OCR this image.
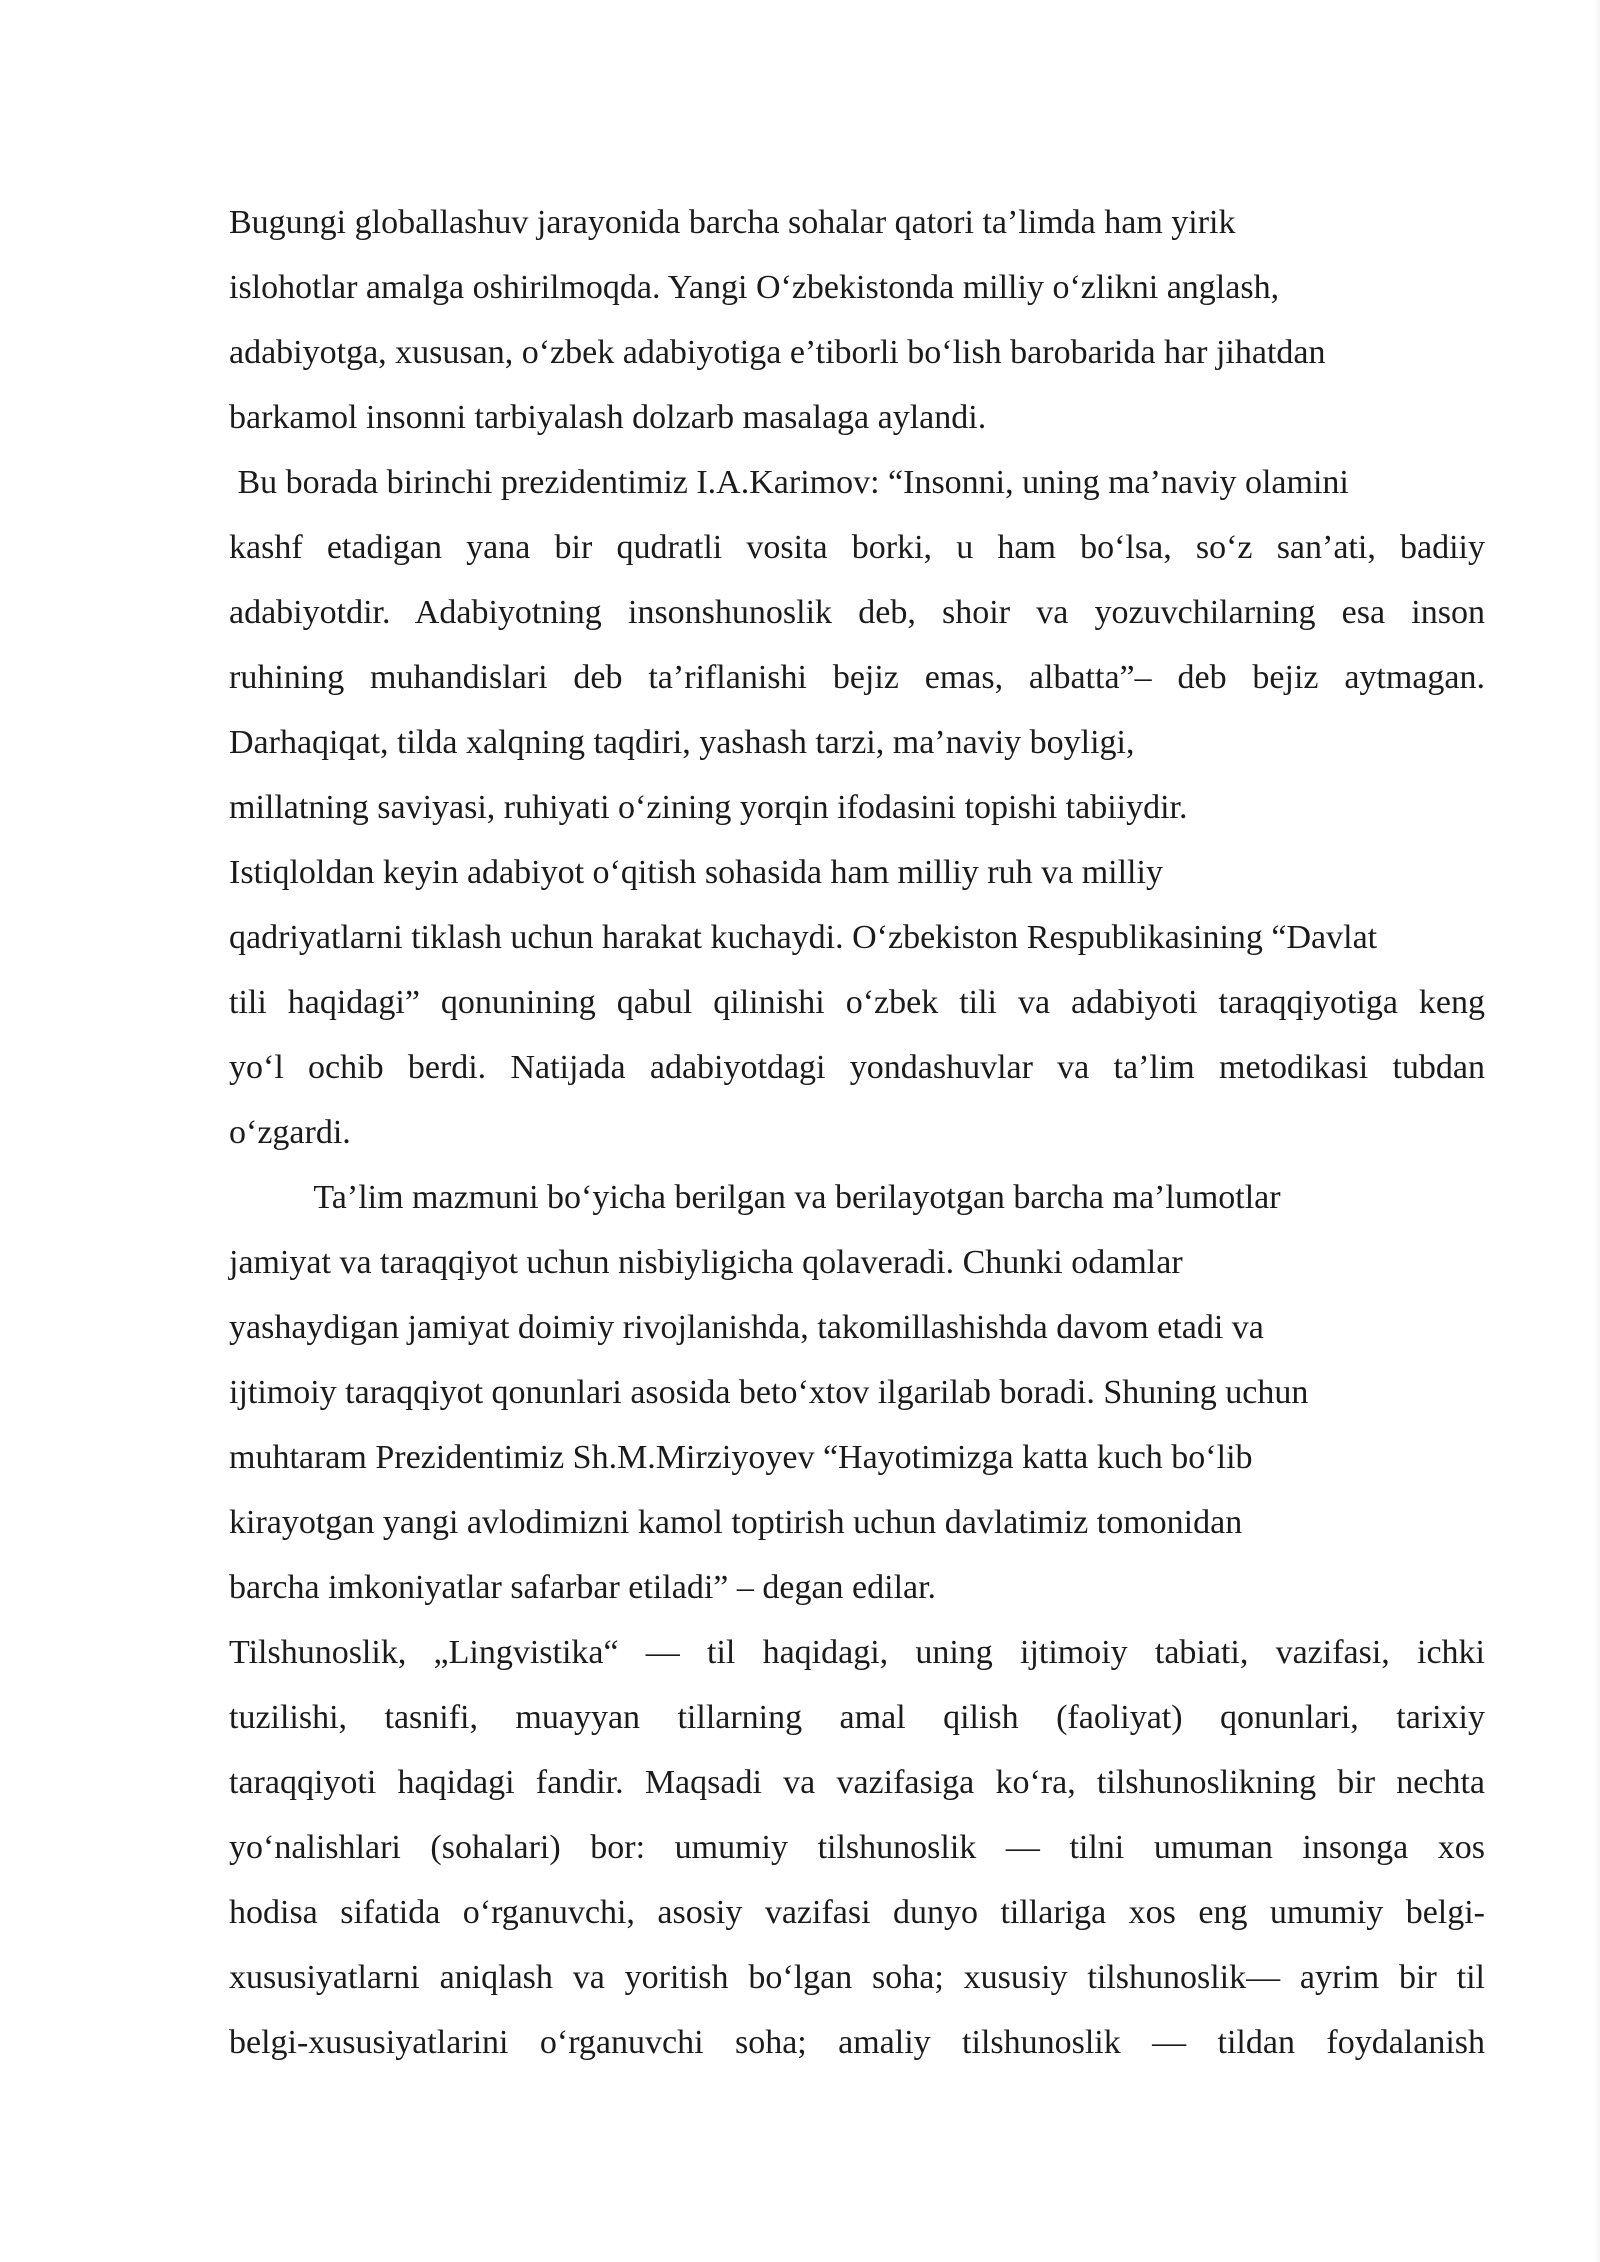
Bugungi globallashuv jarayonida barcha sohalar qatori ta’limda ham yirik
islohotlar amalga oshirilmoqda. Yangi O‘zbekistonda milliy o‘zlikni anglash,
adabiyotga, xususan, o‘zbek adabiyotiga e’tiborli bo‘lish barobarida har jihatdan
barkamol insonni tarbiyalash dolzarb masalaga aylandi.
Bu borada birinchi prezidentimiz I.A.Karimov: “Insonni, uning ma’naviy olamini
kashf etadigan yana bir qudratli vosita borki, u ham bo‘lsa, so‘z san’ati, badiiy
adabiyotdir. Adabiyotning insonshunoslik deb, shoir va yozuvchilarning esa inson
ruhining muhandislari deb ta’riflanishi bejiz emas, albatta”– deb bejiz aytmagan.
Darhaqiqat, tilda xalqning taqdiri, yashash tarzi, ma’naviy boyligi,
millatning saviyasi, ruhiyati o‘zining yorqin ifodasini topishi tabiiydir.
Istiqloldan keyin adabiyot o‘qitish sohasida ham milliy ruh va milliy
qadriyatlarni tiklash uchun harakat kuchaydi. O‘zbekiston Respublikasining “Davlat
tili haqidagi” qonunining qabul qilinishi o‘zbek tili va adabiyoti taraqqiyotiga keng
yo‘l ochib berdi. Natijada adabiyotdagi yondashuvlar va ta’lim metodikasi tubdan
o‘zgardi.
Ta’lim mazmuni bo‘yicha berilgan va berilayotgan barcha ma’lumotlar
jamiyat va taraqqiyot uchun nisbiyligicha qolaveradi. Chunki odamlar
yashaydigan jamiyat doimiy rivojlanishda, takomillashishda davom etadi va
ijtimoiy taraqqiyot qonunlari asosida beto‘xtov ilgarilab boradi. Shuning uchun
muhtaram Prezidentimiz Sh.M.Mirziyoyev “Hayotimizga katta kuch bo‘lib
kirayotgan yangi avlodimizni kamol toptirish uchun davlatimiz tomonidan
barcha imkoniyatlar safarbar etiladi” – degan edilar.
Tilshunoslik, „Lingvistika“ — til haqidagi, uning ijtimoiy tabiati, vazifasi, ichki
tuzilishi, tasnifi, muayyan tillarning amal qilish (faoliyat) qonunlari, tarixiy
taraqqiyoti haqidagi fandir. Maqsadi va vazifasiga ko‘ra, tilshunoslikning bir nechta
yo‘nalishlari (sohalari) bor: umumiy tilshunoslik — tilni umuman insonga xos
hodisa sifatida o‘rganuvchi, asosiy vazifasi dunyo tillariga xos eng umumiy belgi-
xususiyatlarni aniqlash va yoritish bo‘lgan soha; xususiy tilshunoslik— ayrim bir til
belgi-xususiyatlarini o‘rganuvchi soha; amaliy tilshunoslik — tildan foydalanish
